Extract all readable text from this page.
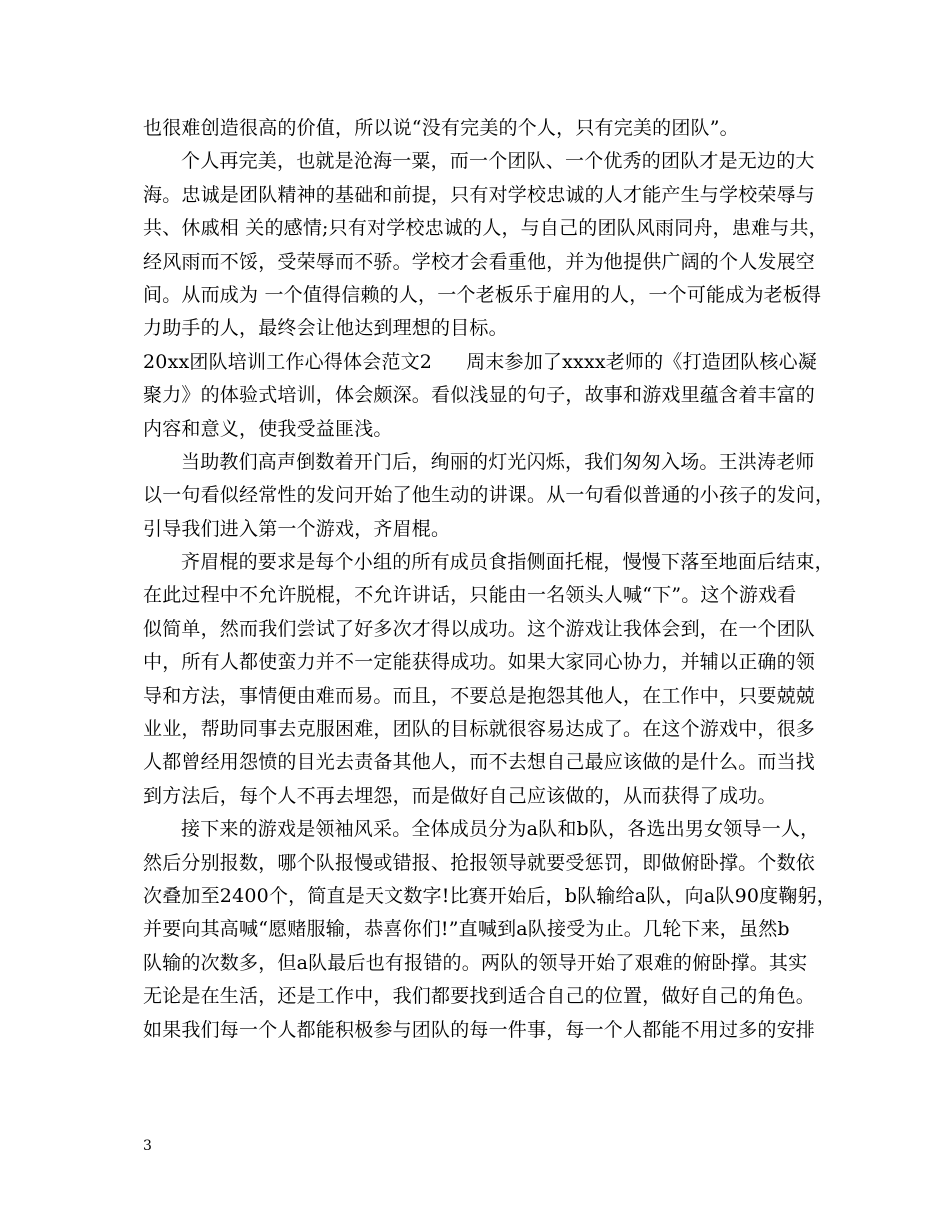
也很难创造很高的价值，所以说“没有完美的个人，只有完美的团队”。
个人再完美，也就是沧海一粟，而一个团队、一个优秀的团队才是无边的大
海。忠诚是团队精神的基础和前提，只有对学校忠诚的人才能产生与学校荣辱与
共、休戚相 关的感情;只有对学校忠诚的人，与自己的团队风雨同舟，患难与共，
经风雨而不馁，受荣辱而不骄。学校才会看重他，并为他提供广阔的个人发展空
间。从而成为 一个值得信赖的人，一个老板乐于雇用的人，一个可能成为老板得
力助手的人，最终会让他达到理想的目标。
20xx团队培训工作心得体会范文2 周末参加了xxxx老师的《打造团队核心凝
聚力》的体验式培训，体会颇深。看似浅显的句子，故事和游戏里蕴含着丰富的
内容和意义，使我受益匪浅。
当助教们高声倒数着开门后，绚丽的灯光闪烁，我们匆匆入场。王洪涛老师
以一句看似经常性的发问开始了他生动的讲课。从一句看似普通的小孩子的发问，
引导我们进入第一个游戏，齐眉棍。
齐眉棍的要求是每个小组的所有成员食指侧面托棍，慢慢下落至地面后结束，
在此过程中不允许脱棍，不允许讲话，只能由一名领头人喊“下”。这个游戏看
似简单，然而我们尝试了好多次才得以成功。这个游戏让我体会到，在一个团队
中，所有人都使蛮力并不一定能获得成功。如果大家同心协力，并辅以正确的领
导和方法，事情便由难而易。而且，不要总是抱怨其他人，在工作中，只要兢兢
业业，帮助同事去克服困难，团队的目标就很容易达成了。在这个游戏中，很多
人都曾经用怨愤的目光去责备其他人，而不去想自己最应该做的是什么。而当找
到方法后，每个人不再去埋怨，而是做好自己应该做的，从而获得了成功。
接下来的游戏是领袖风采。全体成员分为a队和b队，各选出男女领导一人，
然后分别报数，哪个队报慢或错报、抢报领导就要受惩罚，即做俯卧撑。个数依
次叠加至2400个，简直是天文数字!比赛开始后，b队输给a队，向a队90度鞠躬，
并要向其高喊“愿赌服输，恭喜你们!”直喊到a队接受为止。几轮下来，虽然b
队输的次数多，但a队最后也有报错的。两队的领导开始了艰难的俯卧撑。其实
无论是在生活，还是工作中，我们都要找到适合自己的位置，做好自己的角色。
如果我们每一个人都能积极参与团队的每一件事，每一个人都能不用过多的安排
3
